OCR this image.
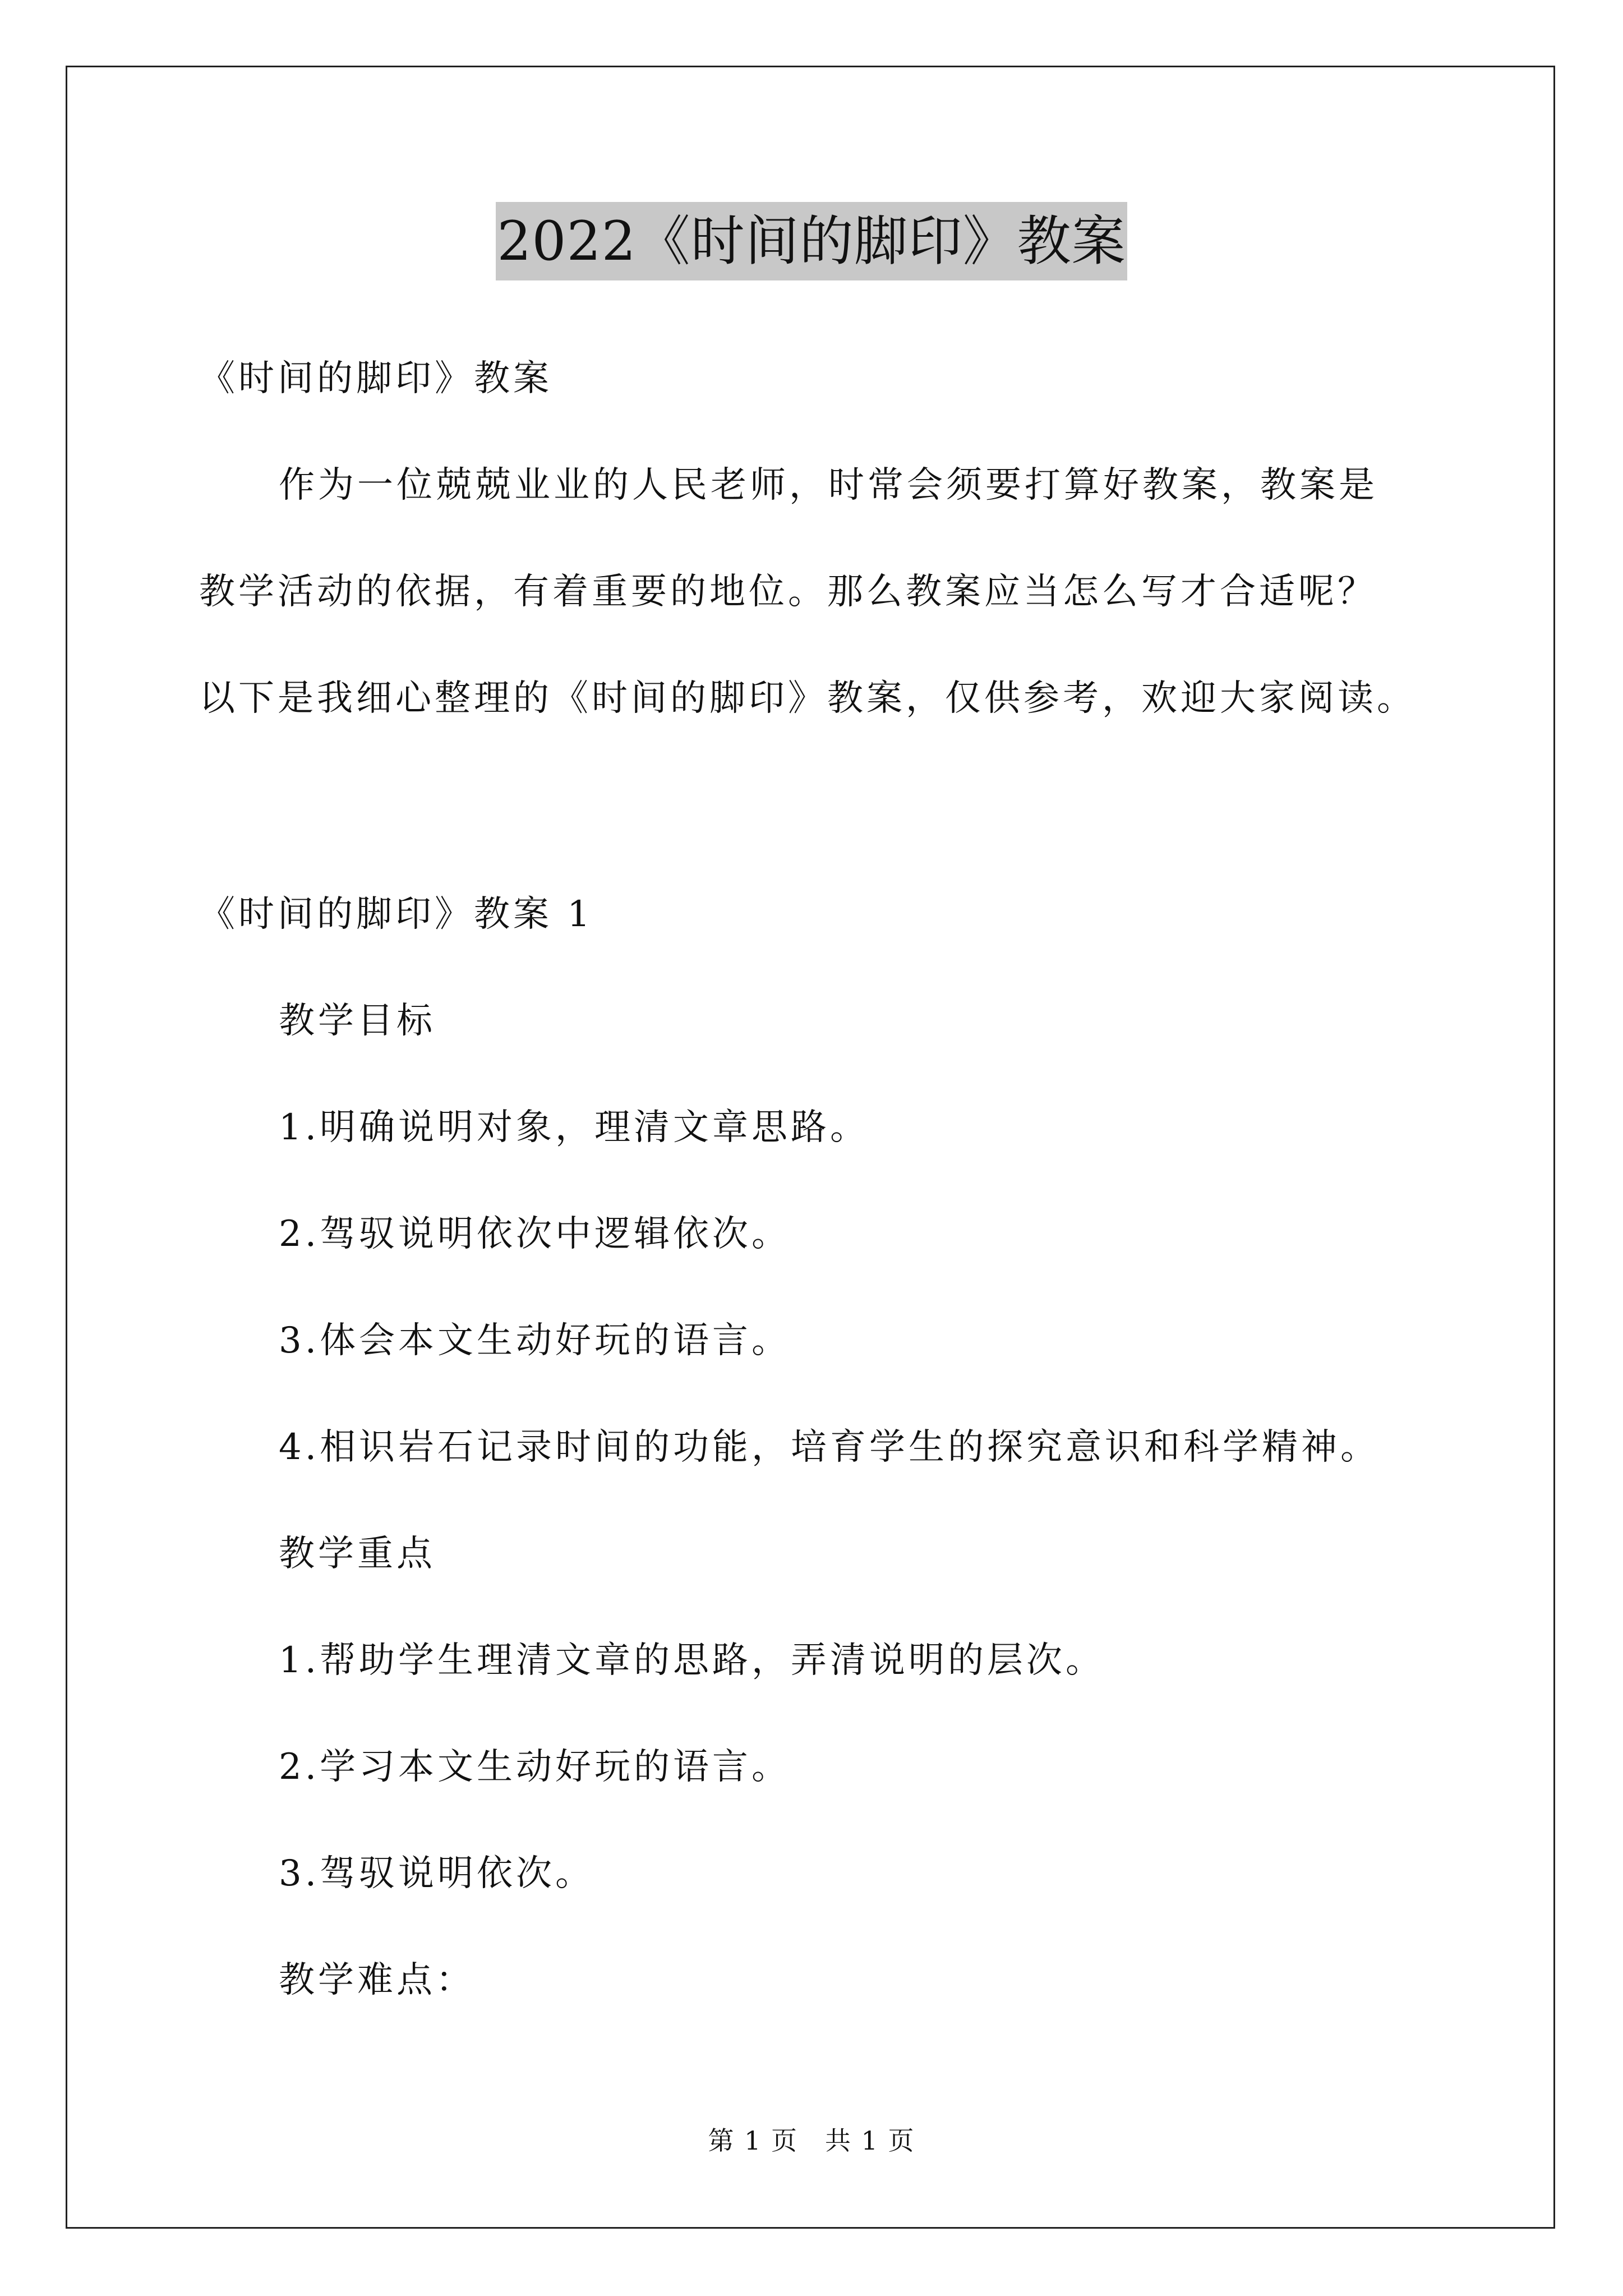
2022《时间的脚印》教案
《时间的脚印》教案
作为一位兢兢业业的人民老师，时常会须要打算好教案，教案是
教学活动的依据，有着重要的地位。那么教案应当怎么写才合适呢？
以下是我细心整理的《时间的脚印》教案，仅供参考，欢迎大家阅读。
《时间的脚印》教案 1
教学目标
1.明确说明对象，理清文章思路。
2.驾驭说明依次中逻辑依次。
3.体会本文生动好玩的语言。
4.相识岩石记录时间的功能，培育学生的探究意识和科学精神。
教学重点
1.帮助学生理清文章的思路，弄清说明的层次。
2.学习本文生动好玩的语言。
3.驾驭说明依次。
教学难点：
第 1 页　共 1 页
